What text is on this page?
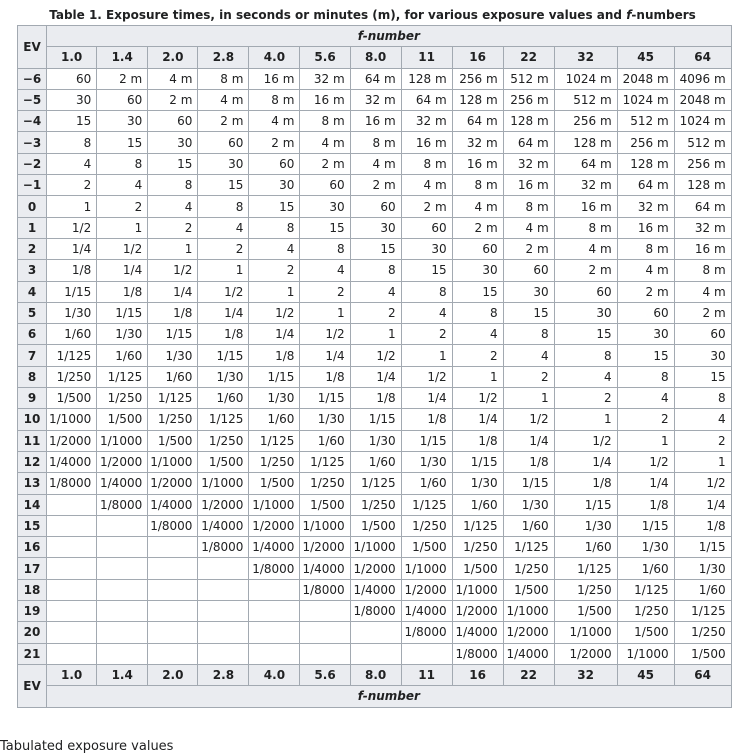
Table 1. Exposure times, in seconds or minutes (m), for various exposure values and f-numbers
EV	f-number												
	1.0	1.4	2.0	2.8	4.0	5.6	8.0	11	16	22	32	45	64
−6	60	2 m	4 m	8 m	16 m	32 m	64 m	128 m	256 m	512 m	1024 m	2048 m	4096 m
−5	30	60	2 m	4 m	8 m	16 m	32 m	64 m	128 m	256 m	512 m	1024 m	2048 m
−4	15	30	60	2 m	4 m	8 m	16 m	32 m	64 m	128 m	256 m	512 m	1024 m
−3	8	15	30	60	2 m	4 m	8 m	16 m	32 m	64 m	128 m	256 m	512 m
−2	4	8	15	30	60	2 m	4 m	8 m	16 m	32 m	64 m	128 m	256 m
−1	2	4	8	15	30	60	2 m	4 m	8 m	16 m	32 m	64 m	128 m
0	1	2	4	8	15	30	60	2 m	4 m	8 m	16 m	32 m	64 m
1	1/2	1	2	4	8	15	30	60	2 m	4 m	8 m	16 m	32 m
2	1/4	1/2	1	2	4	8	15	30	60	2 m	4 m	8 m	16 m
3	1/8	1/4	1/2	1	2	4	8	15	30	60	2 m	4 m	8 m
4	1/15	1/8	1/4	1/2	1	2	4	8	15	30	60	2 m	4 m
5	1/30	1/15	1/8	1/4	1/2	1	2	4	8	15	30	60	2 m
6	1/60	1/30	1/15	1/8	1/4	1/2	1	2	4	8	15	30	60
7	1/125	1/60	1/30	1/15	1/8	1/4	1/2	1	2	4	8	15	30
8	1/250	1/125	1/60	1/30	1/15	1/8	1/4	1/2	1	2	4	8	15
9	1/500	1/250	1/125	1/60	1/30	1/15	1/8	1/4	1/2	1	2	4	8
10	1/1000	1/500	1/250	1/125	1/60	1/30	1/15	1/8	1/4	1/2	1	2	4
11	1/2000	1/1000	1/500	1/250	1/125	1/60	1/30	1/15	1/8	1/4	1/2	1	2
12	1/4000	1/2000	1/1000	1/500	1/250	1/125	1/60	1/30	1/15	1/8	1/4	1/2	1
13	1/8000	1/4000	1/2000	1/1000	1/500	1/250	1/125	1/60	1/30	1/15	1/8	1/4	1/2
14		1/8000	1/4000	1/2000	1/1000	1/500	1/250	1/125	1/60	1/30	1/15	1/8	1/4
15			1/8000	1/4000	1/2000	1/1000	1/500	1/250	1/125	1/60	1/30	1/15	1/8
16				1/8000	1/4000	1/2000	1/1000	1/500	1/250	1/125	1/60	1/30	1/15
17					1/8000	1/4000	1/2000	1/1000	1/500	1/250	1/125	1/60	1/30
18						1/8000	1/4000	1/2000	1/1000	1/500	1/250	1/125	1/60
19							1/8000	1/4000	1/2000	1/1000	1/500	1/250	1/125
20								1/8000	1/4000	1/2000	1/1000	1/500	1/250
21									1/8000	1/4000	1/2000	1/1000	1/500
EV	1.0	1.4	2.0	2.8	4.0	5.6	8.0	11	16	22	32	45	64
	f-number												
Tabulated exposure values
